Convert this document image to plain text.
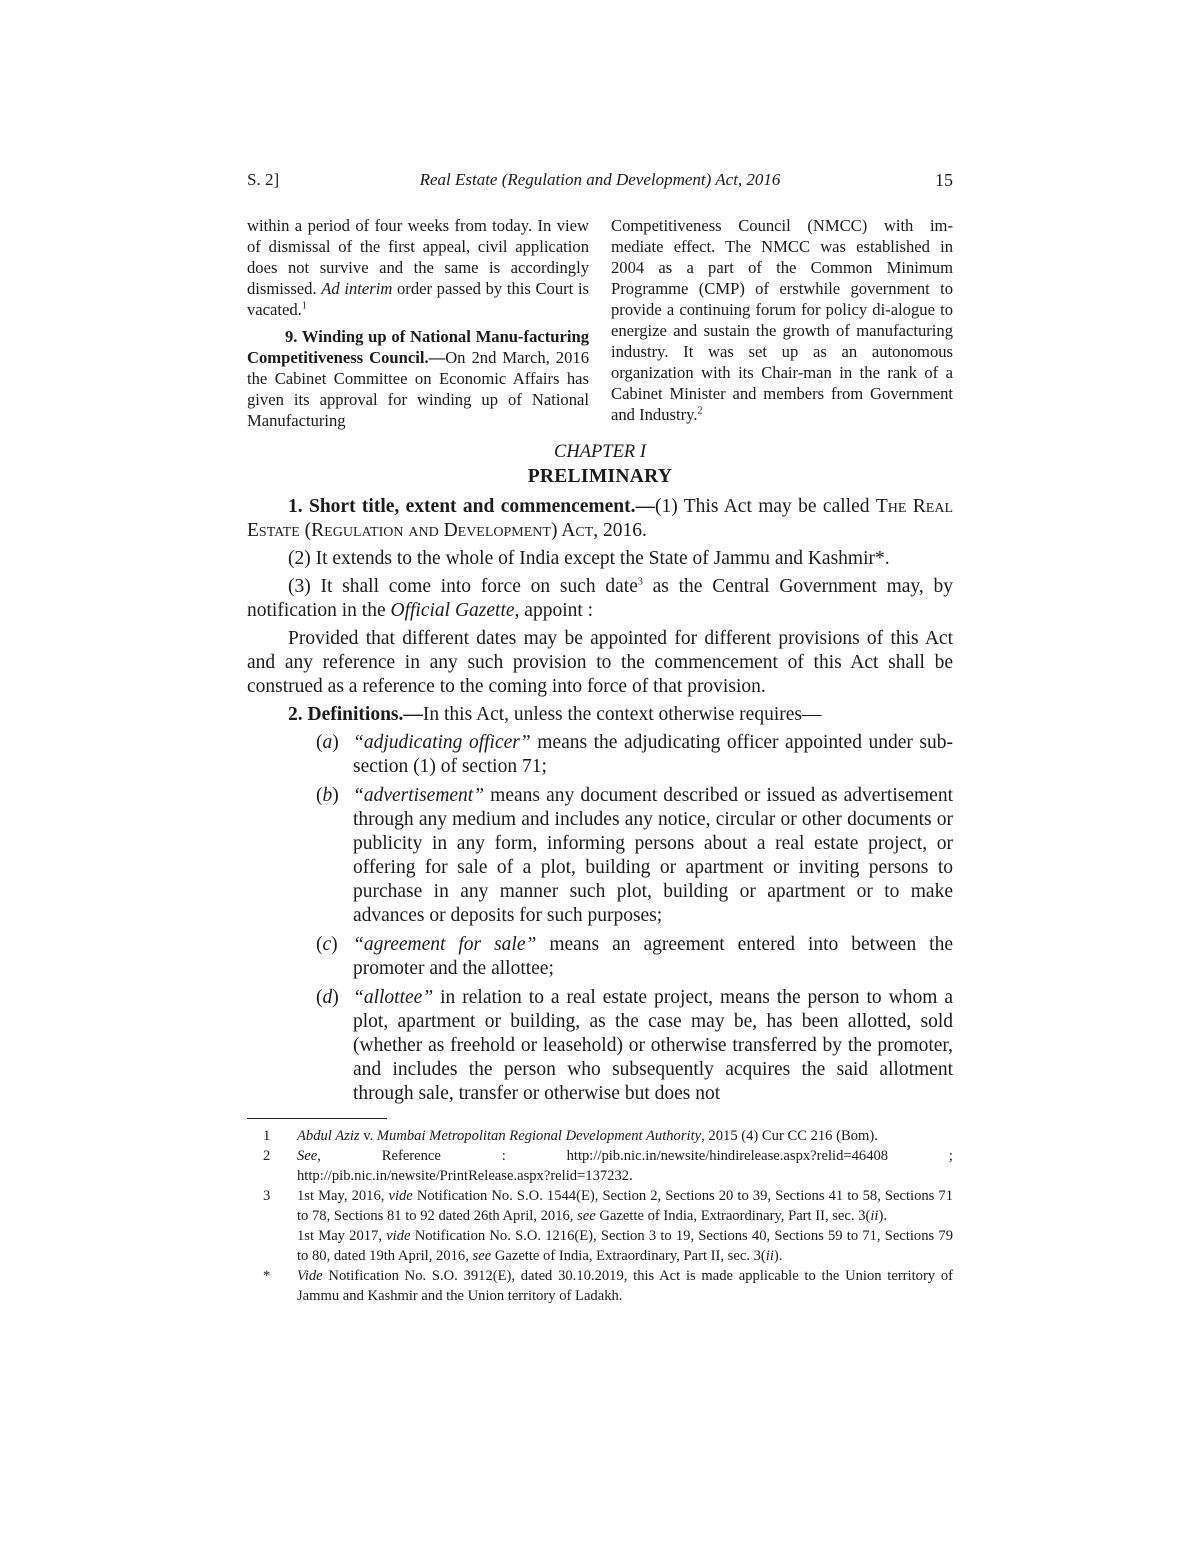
S. 2]	Real Estate (Regulation and Development) Act, 2016	15

within a period of four weeks from today. In view of dismissal of the first appeal, civil application does not survive and the same is accordingly dismissed. Ad interim order passed by this Court is vacated.$^1$

9. Winding up of National Manu-facturing Competitiveness Council.—On 2nd March, 2016 the Cabinet Committee on Economic Affairs has given its approval for winding up of National Manufacturing

Competitiveness Council (NMCC) with im-mediate effect. The NMCC was established in 2004 as a part of the Common Minimum Programme (CMP) of erstwhile government to provide a continuing forum for policy di-alogue to energize and sustain the growth of manufacturing industry. It was set up as an autonomous organization with its Chair-man in the rank of a Cabinet Minister and members from Government and Industry.$^2$

CHAPTER I
PRELIMINARY

1. Short title, extent and commencement.—(1) This Act may be called The Real Estate (Regulation and Development) Act, 2016.

(2) It extends to the whole of India except the State of Jammu and Kashmir*.

(3) It shall come into force on such date$^3$ as the Central Government may, by notification in the Official Gazette, appoint :

Provided that different dates may be appointed for different provisions of this Act and any reference in any such provision to the commencement of this Act shall be construed as a reference to the coming into force of that provision.

2. Definitions.—In this Act, unless the context otherwise requires—

(a) “adjudicating officer” means the adjudicating officer appointed under sub-section (1) of section 71;
(b) “advertisement” means any document described or issued as advertisement through any medium and includes any notice, circular or other documents or publicity in any form, informing persons about a real estate project, or offering for sale of a plot, building or apartment or inviting persons to purchase in any manner such plot, building or apartment or to make advances or deposits for such purposes;
(c) “agreement for sale” means an agreement entered into between the promoter and the allottee;
(d) “allottee” in relation to a real estate project, means the person to whom a plot, apartment or building, as the case may be, has been allotted, sold (whether as freehold or leasehold) or otherwise transferred by the promoter, and includes the person who subsequently acquires the said allotment through sale, transfer or otherwise but does not
1	Abdul Aziz v. Mumbai Metropolitan Regional Development Authority, 2015 (4) Cur CC 216 (Bom).
2	See, Reference : http://pib.nic.in/newsite/hindirelease.aspx?relid=46408 ; http://pib.nic.in/newsite/PrintRelease.aspx?relid=137232.
3	1st May, 2016, vide Notification No. S.O. 1544(E), Section 2, Sections 20 to 39, Sections 41 to 58, Sections 71 to 78, Sections 81 to 92 dated 26th April, 2016, see Gazette of India, Extraordinary, Part II, sec. 3(ii).

1st May 2017, vide Notification No. S.O. 1216(E), Section 3 to 19, Sections 40, Sections 59 to 71, Sections 79 to 80, dated 19th April, 2016, see Gazette of India, Extraordinary, Part II, sec. 3(ii).

*	Vide Notification No. S.O. 3912(E), dated 30.10.2019, this Act is made applicable to the Union territory of Jammu and Kashmir and the Union territory of Ladakh.
